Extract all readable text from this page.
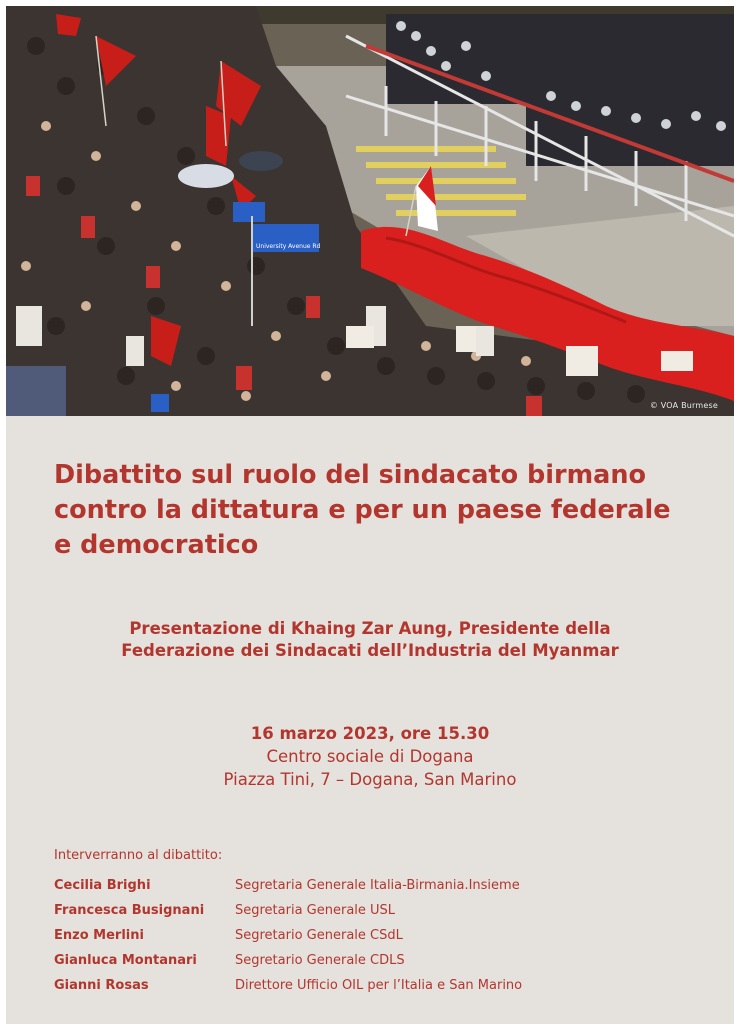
University Avenue Rd
© VOA Burmese
Dibattito sul ruolo del sindacato birmano contro la dittatura e per un paese federale e democratico

Presentazione di Khaing Zar Aung, Presidente della
Federazione dei Sindacati dell’Industria del Myanmar

16 marzo 2023, ore 15.30
Centro sociale di Dogana
Piazza Tini, 7 – Dogana, San Marino
Interverranno al dibattito:
Cecilia Brighi	Segretaria Generale Italia-Birmania.Insieme
Francesca Busignani	Segretaria Generale USL
Enzo Merlini	Segretario Generale CSdL
Gianluca Montanari	Segretario Generale CDLS
Gianni Rosas	Direttore Ufficio OIL per l’Italia e San Marino
